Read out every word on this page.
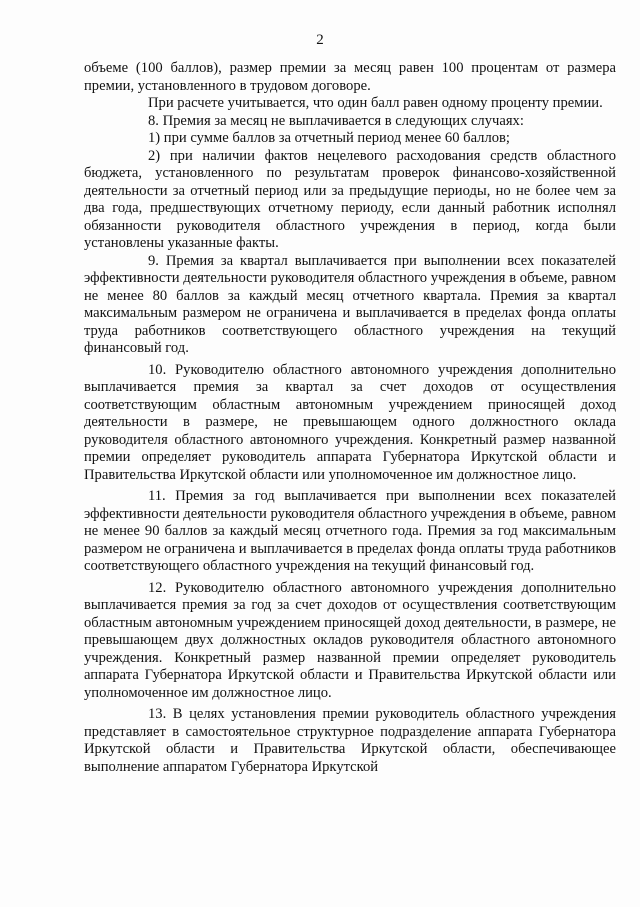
2

объеме (100 баллов), размер премии за месяц равен 100 процентам от размера премии, установленного в трудовом договоре.

При расчете учитывается, что один балл равен одному проценту премии.

8. Премия за месяц не выплачивается в следующих случаях:

1) при сумме баллов за отчетный период менее 60 баллов;

2) при наличии фактов нецелевого расходования средств областного бюджета, установленного по результатам проверок финансово-хозяйственной деятельности за отчетный период или за предыдущие периоды, но не более чем за два года, предшествующих отчетному периоду, если данный работник исполнял обязанности руководителя областного учреждения в период, когда были установлены указанные факты.

9. Премия за квартал выплачивается при выполнении всех показателей эффективности деятельности руководителя областного учреждения в объеме, равном не менее 80 баллов за каждый месяц отчетного квартала. Премия за квартал максимальным размером не ограничена и выплачивается в пределах фонда оплаты труда работников соответствующего областного учреждения на текущий финансовый год.

10. Руководителю областного автономного учреждения дополнительно выплачивается премия за квартал за счет доходов от осуществления соответствующим областным автономным учреждением приносящей доход деятельности в размере, не превышающем одного должностного оклада руководителя областного автономного учреждения. Конкретный размер названной премии определяет руководитель аппарата Губернатора Иркутской области и Правительства Иркутской области или уполномоченное им должностное лицо.

11. Премия за год выплачивается при выполнении всех показателей эффективности деятельности руководителя областного учреждения в объеме, равном не менее 90 баллов за каждый месяц отчетного года. Премия за год максимальным размером не ограничена и выплачивается в пределах фонда оплаты труда работников соответствующего областного учреждения на текущий финансовый год.

12. Руководителю областного автономного учреждения дополнительно выплачивается премия за год за счет доходов от осуществления соответствующим областным автономным учреждением приносящей доход деятельности, в размере, не превышающем двух должностных окладов руководителя областного автономного учреждения. Конкретный размер названной премии определяет руководитель аппарата Губернатора Иркутской области и Правительства Иркутской области или уполномоченное им должностное лицо.

13. В целях установления премии руководитель областного учреждения представляет в самостоятельное структурное подразделение аппарата Губернатора Иркутской области и Правительства Иркутской области, обеспечивающее выполнение аппаратом Губернатора Иркутской
